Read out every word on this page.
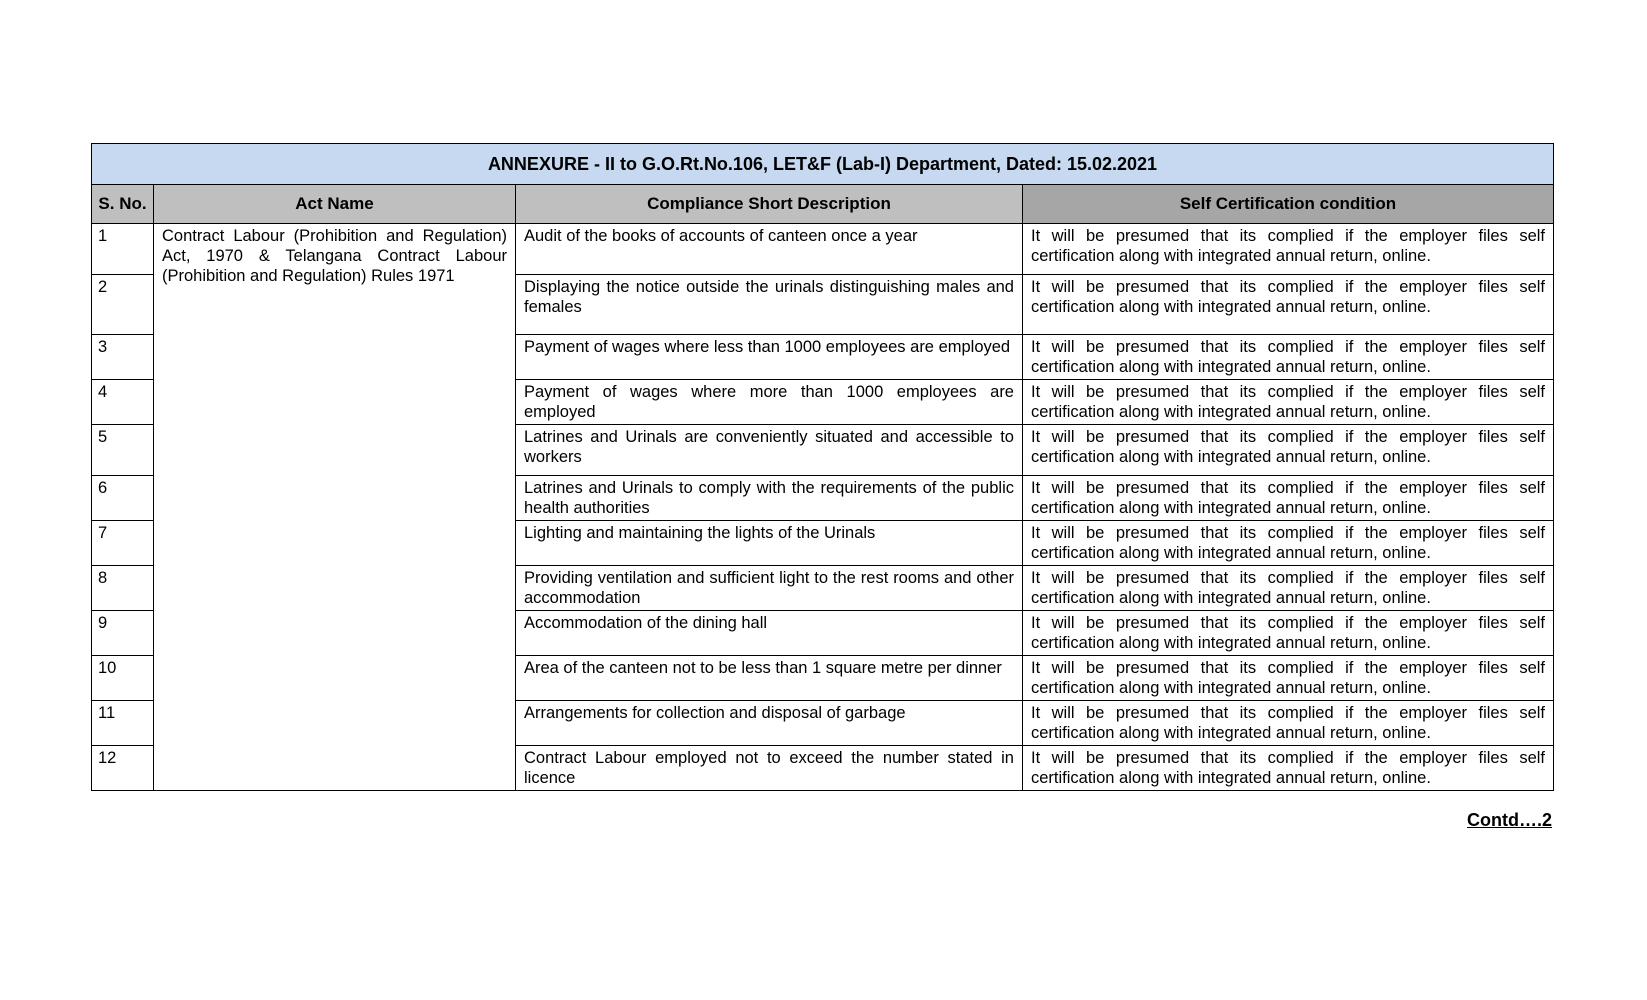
ANNEXURE - II to G.O.Rt.No.106, LET&F (Lab-I) Department, Dated: 15.02.2021			
S. No.	Act Name	Compliance Short Description	Self Certification condition
1	Contract Labour (Prohibition and Regulation) Act, 1970 & Telangana Contract Labour (Prohibition and Regulation) Rules 1971	Audit of the books of accounts of canteen once a year	It will be presumed that its complied if the employer files self certification along with integrated annual return, online.
2		Displaying the notice outside the urinals distinguishing males and females	It will be presumed that its complied if the employer files self certification along with integrated annual return, online.
3		Payment of wages where less than 1000 employees are employed	It will be presumed that its complied if the employer files self certification along with integrated annual return, online.
4		Payment of wages where more than 1000 employees are employed	It will be presumed that its complied if the employer files self certification along with integrated annual return, online.
5		Latrines and Urinals are conveniently situated and accessible to workers	It will be presumed that its complied if the employer files self certification along with integrated annual return, online.
6		Latrines and Urinals to comply with the requirements of the public health authorities	It will be presumed that its complied if the employer files self certification along with integrated annual return, online.
7		Lighting and maintaining the lights of the Urinals	It will be presumed that its complied if the employer files self certification along with integrated annual return, online.
8		Providing ventilation and sufficient light to the rest rooms and other accommodation	It will be presumed that its complied if the employer files self certification along with integrated annual return, online.
9		Accommodation of the dining hall	It will be presumed that its complied if the employer files self certification along with integrated annual return, online.
10		Area of the canteen not to be less than 1 square metre per dinner	It will be presumed that its complied if the employer files self certification along with integrated annual return, online.
11		Arrangements for collection and disposal of garbage	It will be presumed that its complied if the employer files self certification along with integrated annual return, online.
12		Contract Labour employed not to exceed the number stated in licence	It will be presumed that its complied if the employer files self certification along with integrated annual return, online.
Contd….2
